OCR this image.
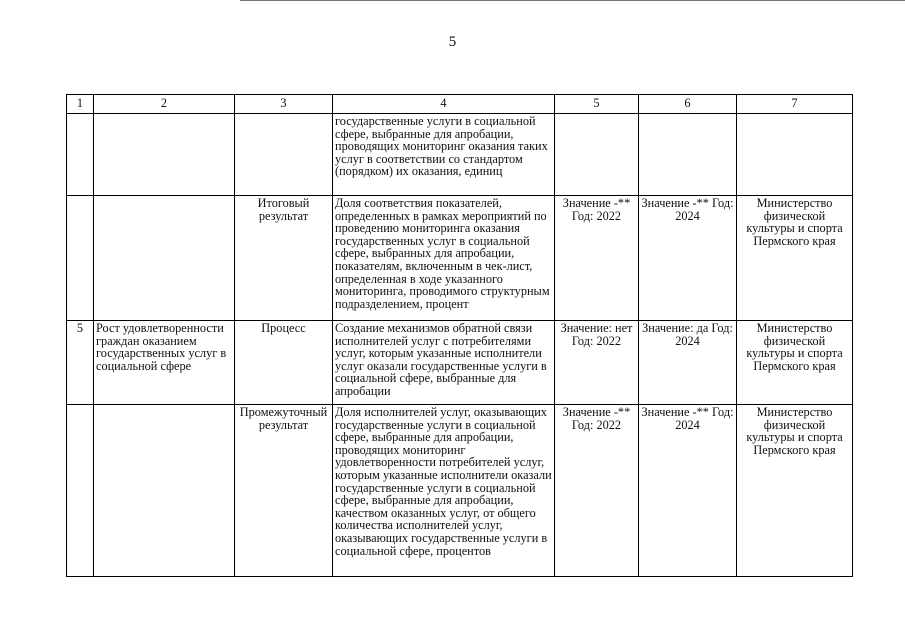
5
1	2	3	4	5	6	7
			государственные услуги в социальной сфере, выбранные для апробации, проводящих мониторинг оказания таких услуг в соответствии со стандартом (порядком) их оказания, единиц			
		Итоговый результат	Доля соответствия показателей, определенных в рамках мероприятий по проведению мониторинга оказания государственных услуг в социальной сфере, выбранных для апробации, показателям, включенным в чек-лист, определенная в ходе указанного мониторинга, проводимого структурным подразделением, процент	Значение -** Год: 2022	Значение -** Год: 2024	Министерство физической культуры и спорта Пермского края
5	Рост удовлетворенности граждан оказанием государственных услуг в социальной сфере	Процесс	Создание механизмов обратной связи исполнителей услуг с потребителями услуг, которым указанные исполнители услуг оказали государственные услуги в социальной сфере, выбранные для апробации	Значение: нет Год: 2022	Значение: да Год: 2024	Министерство физической культуры и спорта Пермского края
		Промежуточный результат	Доля исполнителей услуг, оказывающих государственные услуги в социальной сфере, выбранные для апробации, проводящих мониторинг удовлетворенности потребителей услуг, которым указанные исполнители оказали государственные услуги в социальной сфере, выбранные для апробации, качеством оказанных услуг, от общего количества исполнителей услуг, оказывающих государственные услуги в социальной сфере, процентов	Значение -** Год: 2022	Значение -** Год: 2024	Министерство физической культуры и спорта Пермского края
